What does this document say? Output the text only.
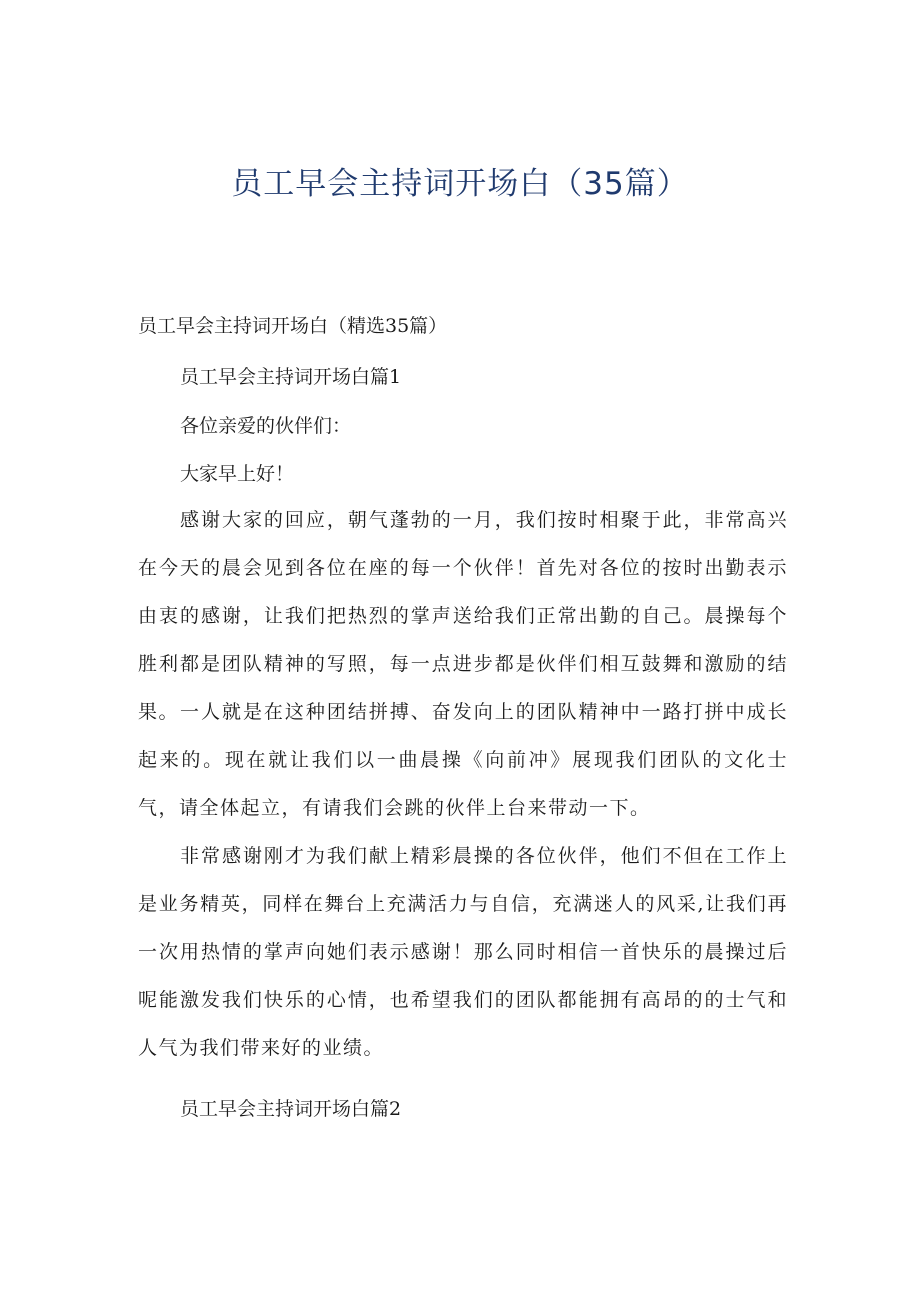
员工早会主持词开场白（35篇）

员工早会主持词开场白（精选35篇）

员工早会主持词开场白篇1

各位亲爱的伙伴们：

大家早上好！

感谢大家的回应，朝气蓬勃的一月，我们按时相聚于此，非常高兴在今天的晨会见到各位在座的每一个伙伴！首先对各位的按时出勤表示由衷的感谢，让我们把热烈的掌声送给我们正常出勤的自己。晨操每个胜利都是团队精神的写照，每一点进步都是伙伴们相互鼓舞和激励的结果。 一人就是在这种团结拼搏、奋发向上的团队精神中一路打拼中成长起来的。现在就让我们以一曲晨操《向前冲》展现我们团队的文化士气，请全体起立，有请我们会跳的伙伴上台来带动一下。

非常感谢刚才为我们献上精彩晨操的各位伙伴，他们不但在工作上是业务精英，同样在舞台上充满活力与自信，充满迷人的风采,让我们再一次用热情的掌声向她们表示感谢！那么同时相信一首快乐的晨操过后呢能激发我们快乐的心情，也希望我们的团队都能拥有高昂的的士气和人气为我们带来好的业绩。

员工早会主持词开场白篇2
